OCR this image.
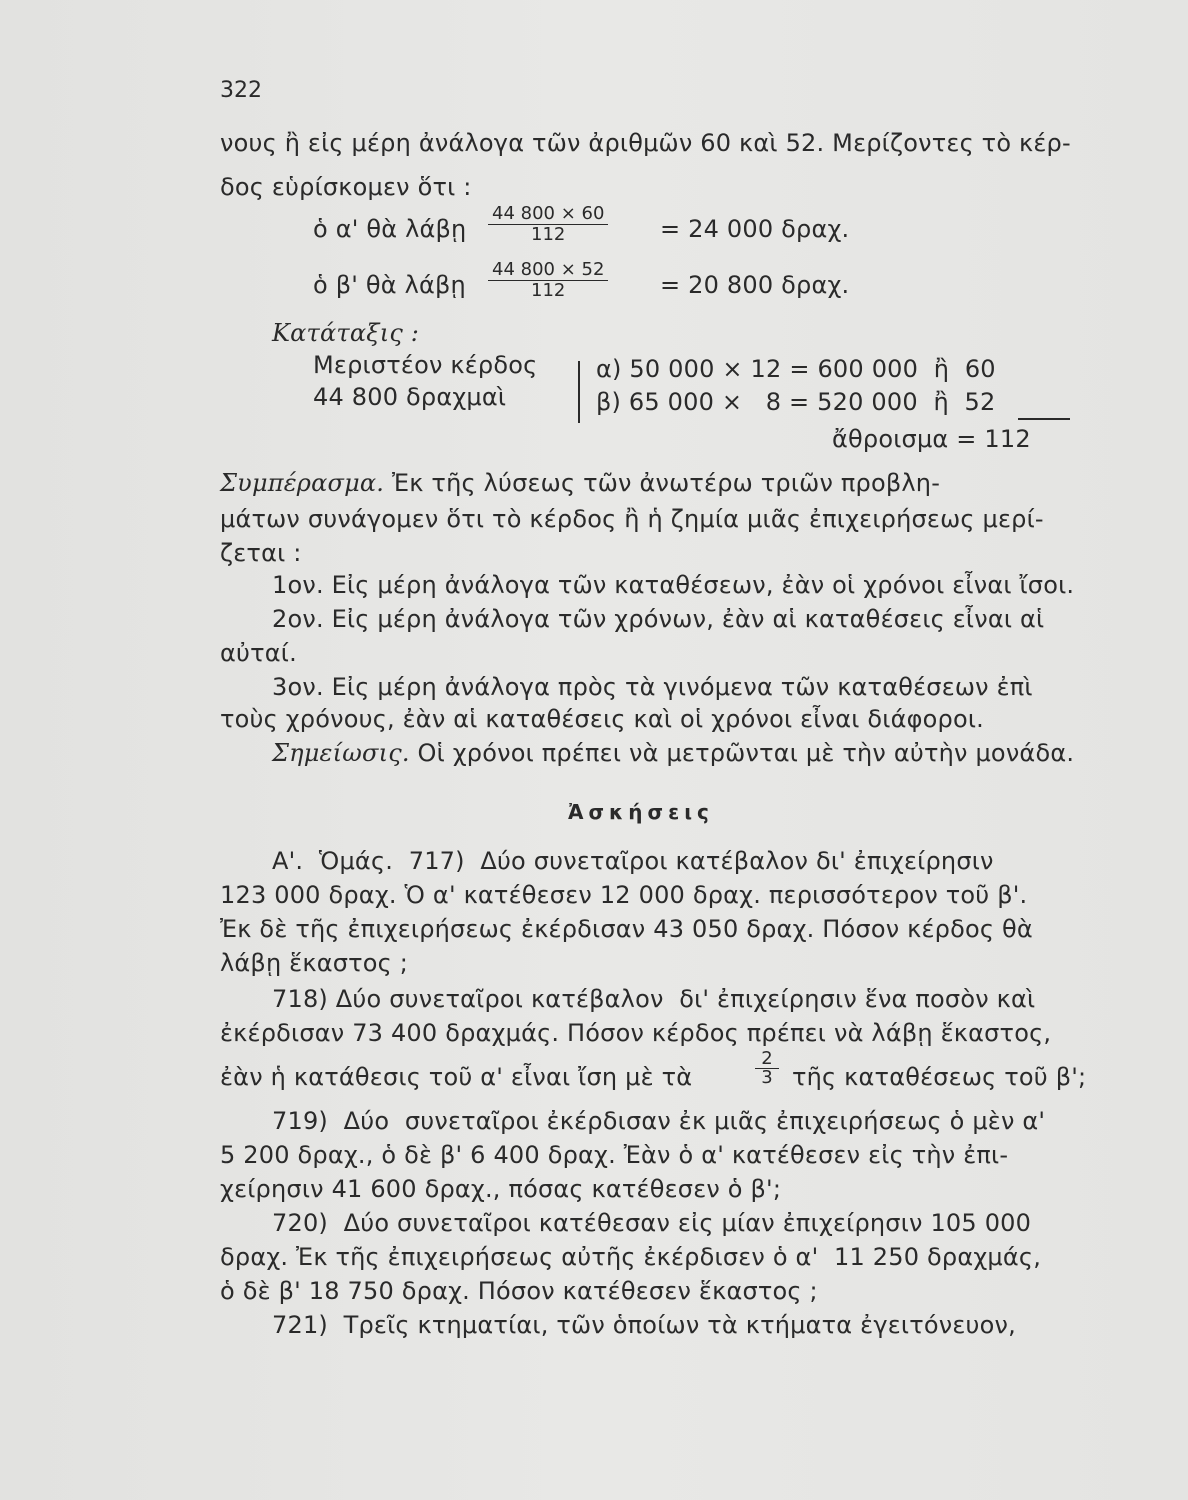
322
νους ἢ εἰς μέρη ἀνάλογα τῶν ἀριθμῶν 60 καὶ 52. Μερίζοντες τὸ κέρ-
δος εὑρίσκομεν ὅτι :
ὁ α' θὰ λάβῃ $\frac{44 800 \times 60}{112} = 24$ 000 δραχ.
ὁ β' θὰ λάβῃ $\frac{44 800 \times 52}{112} = 20$ 800 δραχ.
Κατάταξις :
Μεριστέον κέρδος
44 800 δραχμαὶ
α) 50 000 × 12 = 600 000  ἢ  60
β) 65 000 ×   8 = 520 000  ἢ  52
ἄθροισμα = 112
Συμπέρασμα. Ἐκ τῆς λύσεως τῶν ἀνωτέρω τριῶν προβλη-
μάτων συνάγομεν ὅτι τὸ κέρδος ἢ ἡ ζημία μιᾶς ἐπιχειρήσεως μερί-
ζεται :
1ον. Εἰς μέρη ἀνάλογα τῶν καταθέσεων, ἐὰν οἱ χρόνοι εἶναι ἴσοι.
2ον. Εἰς μέρη ἀνάλογα τῶν χρόνων, ἐὰν αἱ καταθέσεις εἶναι αἱ
αὐταί.
3ον. Εἰς μέρη ἀνάλογα πρὸς τὰ γινόμενα τῶν καταθέσεων ἐπὶ
τοὺς χρόνους, ἐὰν αἱ καταθέσεις καὶ οἱ χρόνοι εἶναι διάφοροι.
Σημείωσις. Οἱ χρόνοι πρέπει νὰ μετρῶνται μὲ τὴν αὐτὴν μονάδα.
Ἀσκήσεις
Α'.  Ὁμάς.  717)  Δύο συνεταῖροι κατέβαλον δι' ἐπιχείρησιν
123 000 δραχ. Ὁ α' κατέθεσεν 12 000 δραχ. περισσότερον τοῦ β'.
Ἐκ δὲ τῆς ἐπιχειρήσεως ἐκέρδισαν 43 050 δραχ. Πόσον κέρδος θὰ
λάβῃ ἕκαστος ;
718) Δύο συνεταῖροι κατέβαλον  δι' ἐπιχείρησιν ἕνα ποσὸν καὶ
ἐκέρδισαν 73 400 δραχμάς. Πόσον κέρδος πρέπει νὰ λάβῃ ἕκαστος,
ἐὰν ἡ κατάθεσις τοῦ α' εἶναι ἴση μὲ τὰ	$\frac{2}{3}$ τῆς καταθέσεως τοῦ β';
719)  Δύο  συνεταῖροι ἐκέρδισαν ἐκ μιᾶς ἐπιχειρήσεως ὁ μὲν α'
5 200 δραχ., ὁ δὲ β' 6 400 δραχ. Ἐὰν ὁ α' κατέθεσεν εἰς τὴν ἐπι-
χείρησιν 41 600 δραχ., πόσας κατέθεσεν ὁ β';
720)  Δύο συνεταῖροι κατέθεσαν εἰς μίαν ἐπιχείρησιν 105 000
δραχ. Ἐκ τῆς ἐπιχειρήσεως αὐτῆς ἐκέρδισεν ὁ α'  11 250 δραχμάς,
ὁ δὲ β' 18 750 δραχ. Πόσον κατέθεσεν ἕκαστος ;
721)  Τρεῖς κτηματίαι, τῶν ὁποίων τὰ κτήματα ἐγειτόνευον,
